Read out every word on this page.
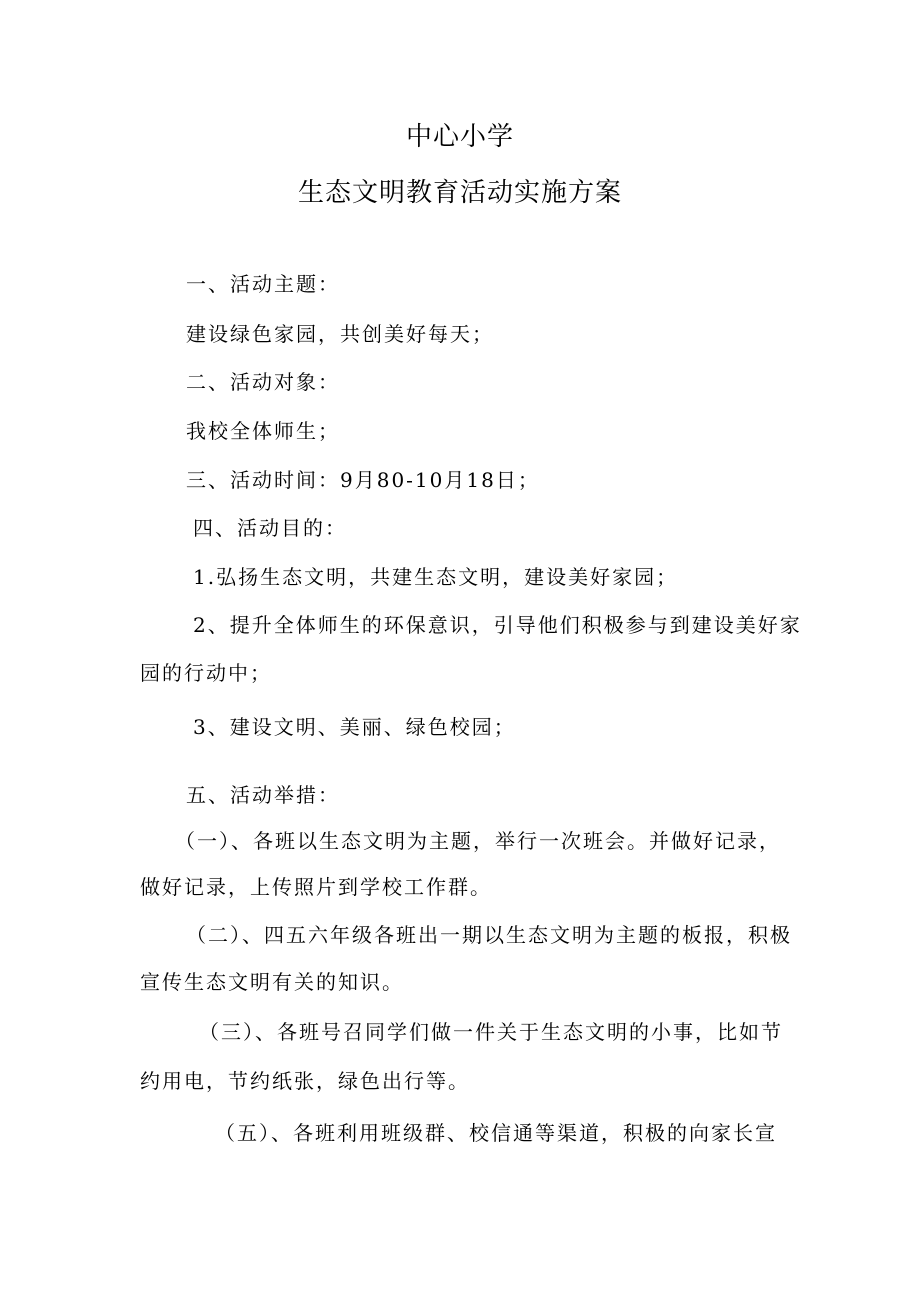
中心小学
生态文明教育活动实施方案
一、活动主题：
建设绿色家园，共创美好每天；
二、活动对象：
我校全体师生；
三、活动时间：9月80-10月18日；
四、活动目的：
1.弘扬生态文明，共建生态文明，建设美好家园；
2、提升全体师生的环保意识，引导他们积极参与到建设美好家
园的行动中；
3、建设文明、美丽、绿色校园；
五、活动举措：
（一）、各班以生态文明为主题，举行一次班会。并做好记录，
做好记录，上传照片到学校工作群。
（二）、四五六年级各班出一期以生态文明为主题的板报，积极
宣传生态文明有关的知识。
（三）、各班号召同学们做一件关于生态文明的小事，比如节
约用电，节约纸张，绿色出行等。
（五）、各班利用班级群、校信通等渠道，积极的向家长宣
